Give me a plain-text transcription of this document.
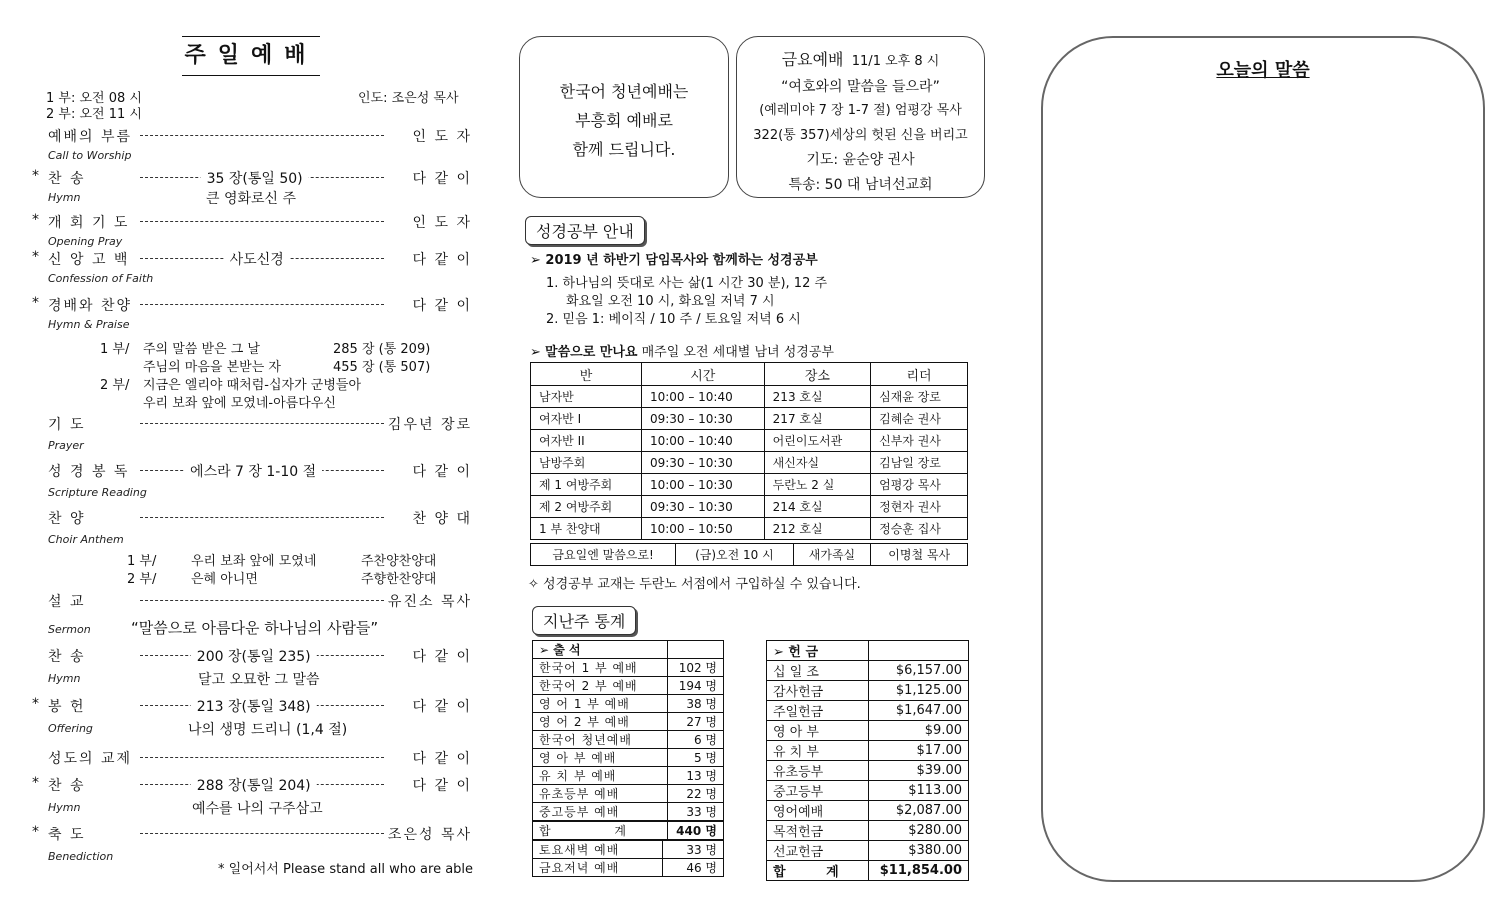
주일예배
1 부: 오전 08 시
2 부: 오전 11 시
인도: 조은성 목사
예배의 부름	인 도 자
Call to Worship
* 찬 송	35 장(통일 50)	다 같 이
Hymn	큰 영화로신 주
* 개 회 기 도	인 도 자
Opening Pray
* 신 앙 고 백	사도신경	다 같 이
Confession of Faith
* 경배와 찬양	다 같 이
Hymn & Praise
1 부/ 주의 말씀 받은 그 날	285 장 (통 209)
주님의 마음을 본받는 자	455 장 (통 507)
2 부/ 지금은 엘리야 때처럼-십자가 군병들아
우리 보좌 앞에 모였네-아름다우신
기 도	김우년 장로
Prayer
성 경 봉 독	에스라 7 장 1-10 절	다 같 이
Scripture Reading
찬 양	찬 양 대
Choir Anthem
1 부/	우리 보좌 앞에 모였네	주찬양찬양대
2 부/	은혜 아니면	주향한찬양대
설 교	유진소 목사
Sermon	“말씀으로 아름다운 하나님의 사람들”
찬 송	200 장(통일 235)	다 같 이
Hymn	달고 오묘한 그 말씀
* 봉 헌	213 장(통일 348)	다 같 이
Offering	나의 생명 드리니 (1,4 절)
성도의 교제	다 같 이
* 찬 송	288 장(통일 204)	다 같 이
Hymn	예수를 나의 구주삼고
* 축 도	조은성 목사
Benediction
* 일어서서 Please stand all who are able
한국어 청년예배는
부흥회 예배로
함께 드립니다.
금요예배 11/1 오후 8 시
“여호와의 말씀을 들으라”
(예레미야 7 장 1-7 절) 엄평강 목사
322(통 357)세상의 헛된 신을 버리고
기도: 윤순양 권사
특송: 50 대 남녀선교회
성경공부 안내
➢ 2019 년 하반기 담임목사와 함께하는 성경공부
1. 하나님의 뜻대로 사는 삶(1 시간 30 분), 12 주
화요일 오전 10 시, 화요일 저녁 7 시
2. 믿음 1: 베이직 / 10 주 / 토요일 저녁 6 시
➢ 말씀으로 만나요 매주일 오전 세대별 남녀 성경공부
반	시간	장소	리더
남자반	10:00 – 10:40	213 호실	심재윤 장로
여자반 I	09:30 – 10:30	217 호실	김혜순 권사
여자반 II	10:00 – 10:40	어린이도서관	신부자 권사
남방주회	09:30 – 10:30	새신자실	김남일 장로
제 1 여방주회	10:00 – 10:30	두란노 2 실	엄평강 목사
제 2 여방주회	09:30 – 10:30	214 호실	정현자 권사
1 부 찬양대	10:00 – 10:50	212 호실	정승훈 집사
금요일엔 말씀으로!	(금)오전 10 시	새가족실	이명철 목사
✧ 성경공부 교재는 두란노 서점에서 구입하실 수 있습니다.
지난주 통계
➢ 출 석	
한국어 1 부 예배	102 명
한국어 2 부 예배	194 명
영 어 1 부 예배	38 명
영 어 2 부 예배	27 명
한국어 청년예배	6 명
영 아 부 예배	5 명
유 치 부 예배	13 명
유초등부 예배	22 명
중고등부 예배	33 명
합 계	440 명
토요새벽 예배	33 명
금요저녁 예배	46 명
➢ 헌 금	
십 일 조	$6,157.00
감사헌금	$1,125.00
주일헌금	$1,647.00
영 아 부	$9.00
유 치 부	$17.00
유초등부	$39.00
중고등부	$113.00
영어예배	$2,087.00
목적헌금	$280.00
선교헌금	$380.00
합 계	$11,854.00
오늘의 말씀
